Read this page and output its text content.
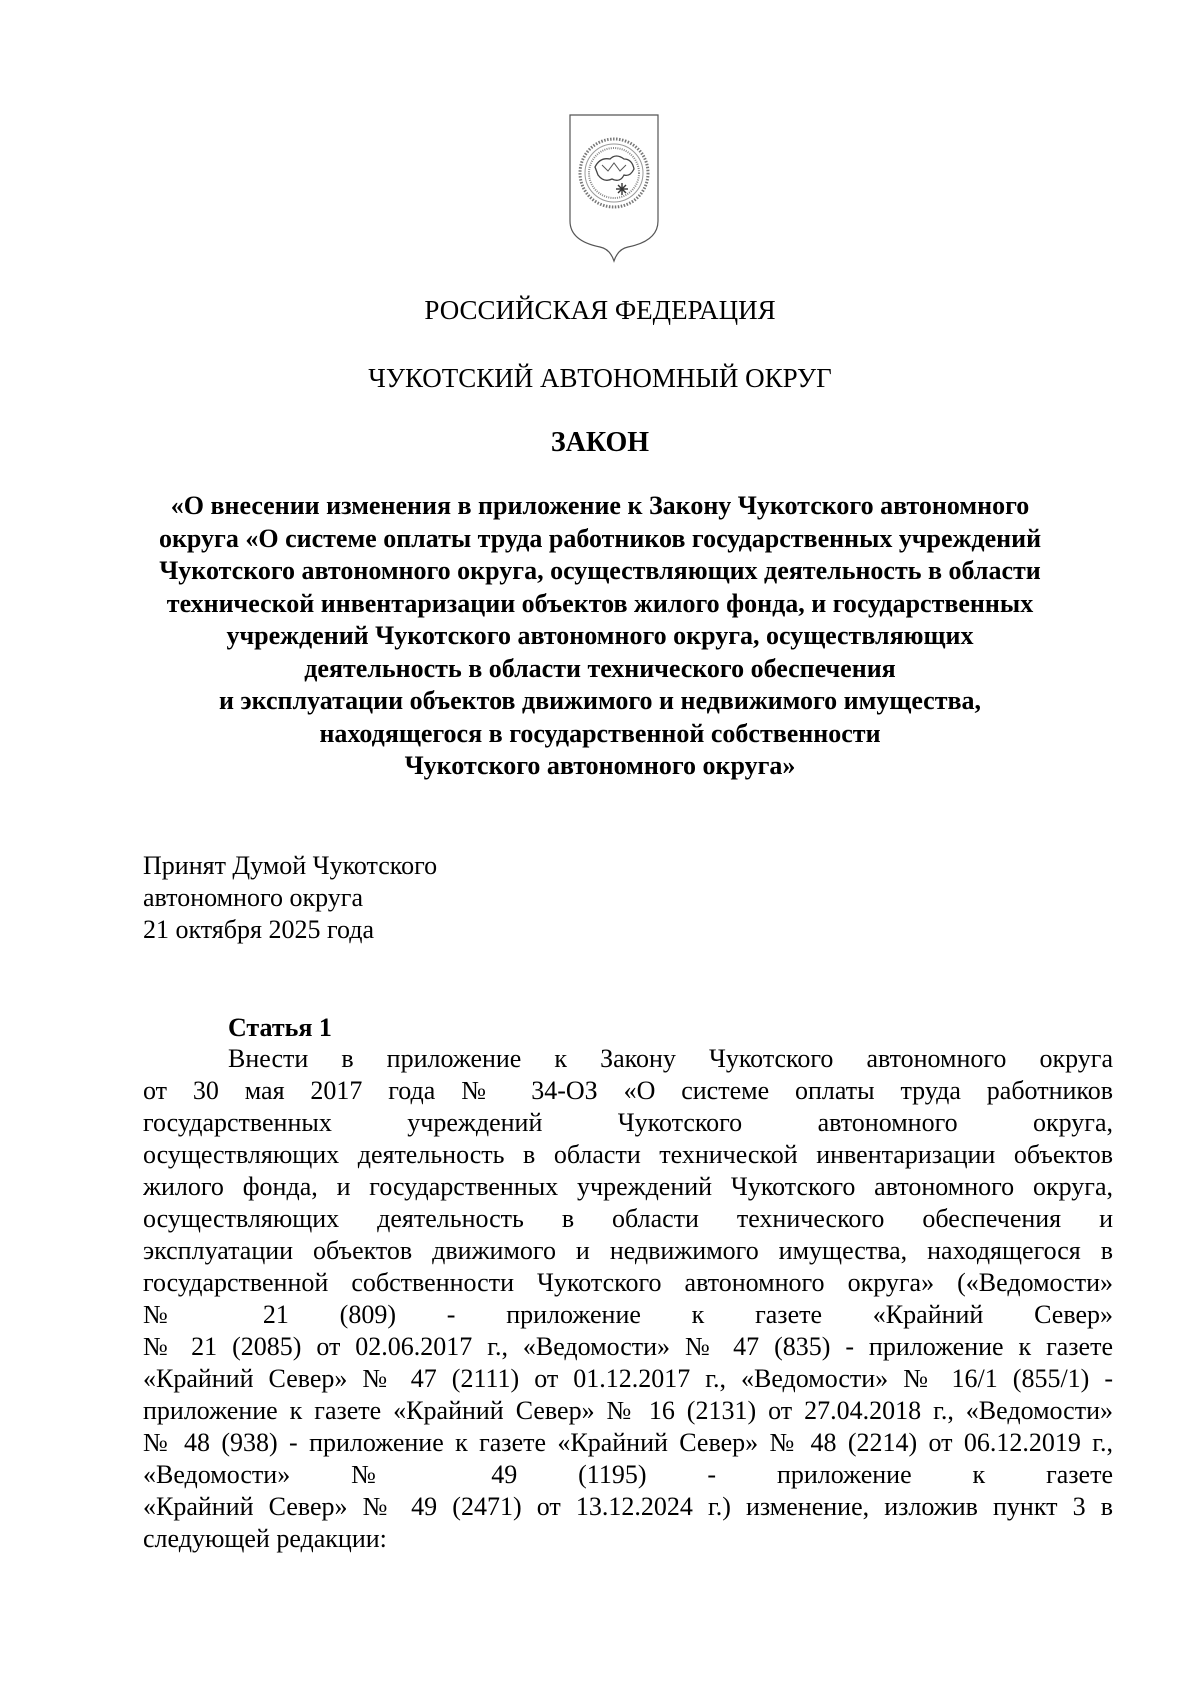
РОССИЙСКАЯ ФЕДЕРАЦИЯ
ЧУКОТСКИЙ АВТОНОМНЫЙ ОКРУГ
ЗАКОН
«О внесении изменения в приложение к Закону Чукотского автономного
округа «О системе оплаты труда работников государственных учреждений
Чукотского автономного округа, осуществляющих деятельность в области
технической инвентаризации объектов жилого фонда, и государственных
учреждений Чукотского автономного округа, осуществляющих
деятельность в области технического обеспечения
и эксплуатации объектов движимого и недвижимого имущества,
находящегося в государственной собственности
Чукотского автономного округа»
Принят Думой Чукотского
автономного округа
21 октября 2025 года
Статья 1
Внести в приложение к Закону Чукотского автономного округа
от 30 мая 2017 года № 34-ОЗ «О системе оплаты труда работников
государственных учреждений Чукотского автономного округа,
осуществляющих деятельность в области технической инвентаризации объектов
жилого фонда, и государственных учреждений Чукотского автономного округа,
осуществляющих деятельность в области технического обеспечения и
эксплуатации объектов движимого и недвижимого имущества, находящегося в
государственной собственности Чукотского автономного округа» («Ведомости»
№ 21 (809) - приложение к газете «Крайний Север»
№ 21 (2085) от 02.06.2017 г., «Ведомости» № 47 (835) - приложение к газете
«Крайний Север» № 47 (2111) от 01.12.2017 г., «Ведомости» № 16/1 (855/1) -
приложение к газете «Крайний Север» № 16 (2131) от 27.04.2018 г., «Ведомости»
№ 48 (938) - приложение к газете «Крайний Север» № 48 (2214) от 06.12.2019 г.,
«Ведомости» № 49 (1195) - приложение к газете
«Крайний Север» № 49 (2471) от 13.12.2024 г.) изменение, изложив пункт 3 в
следующей редакции:
